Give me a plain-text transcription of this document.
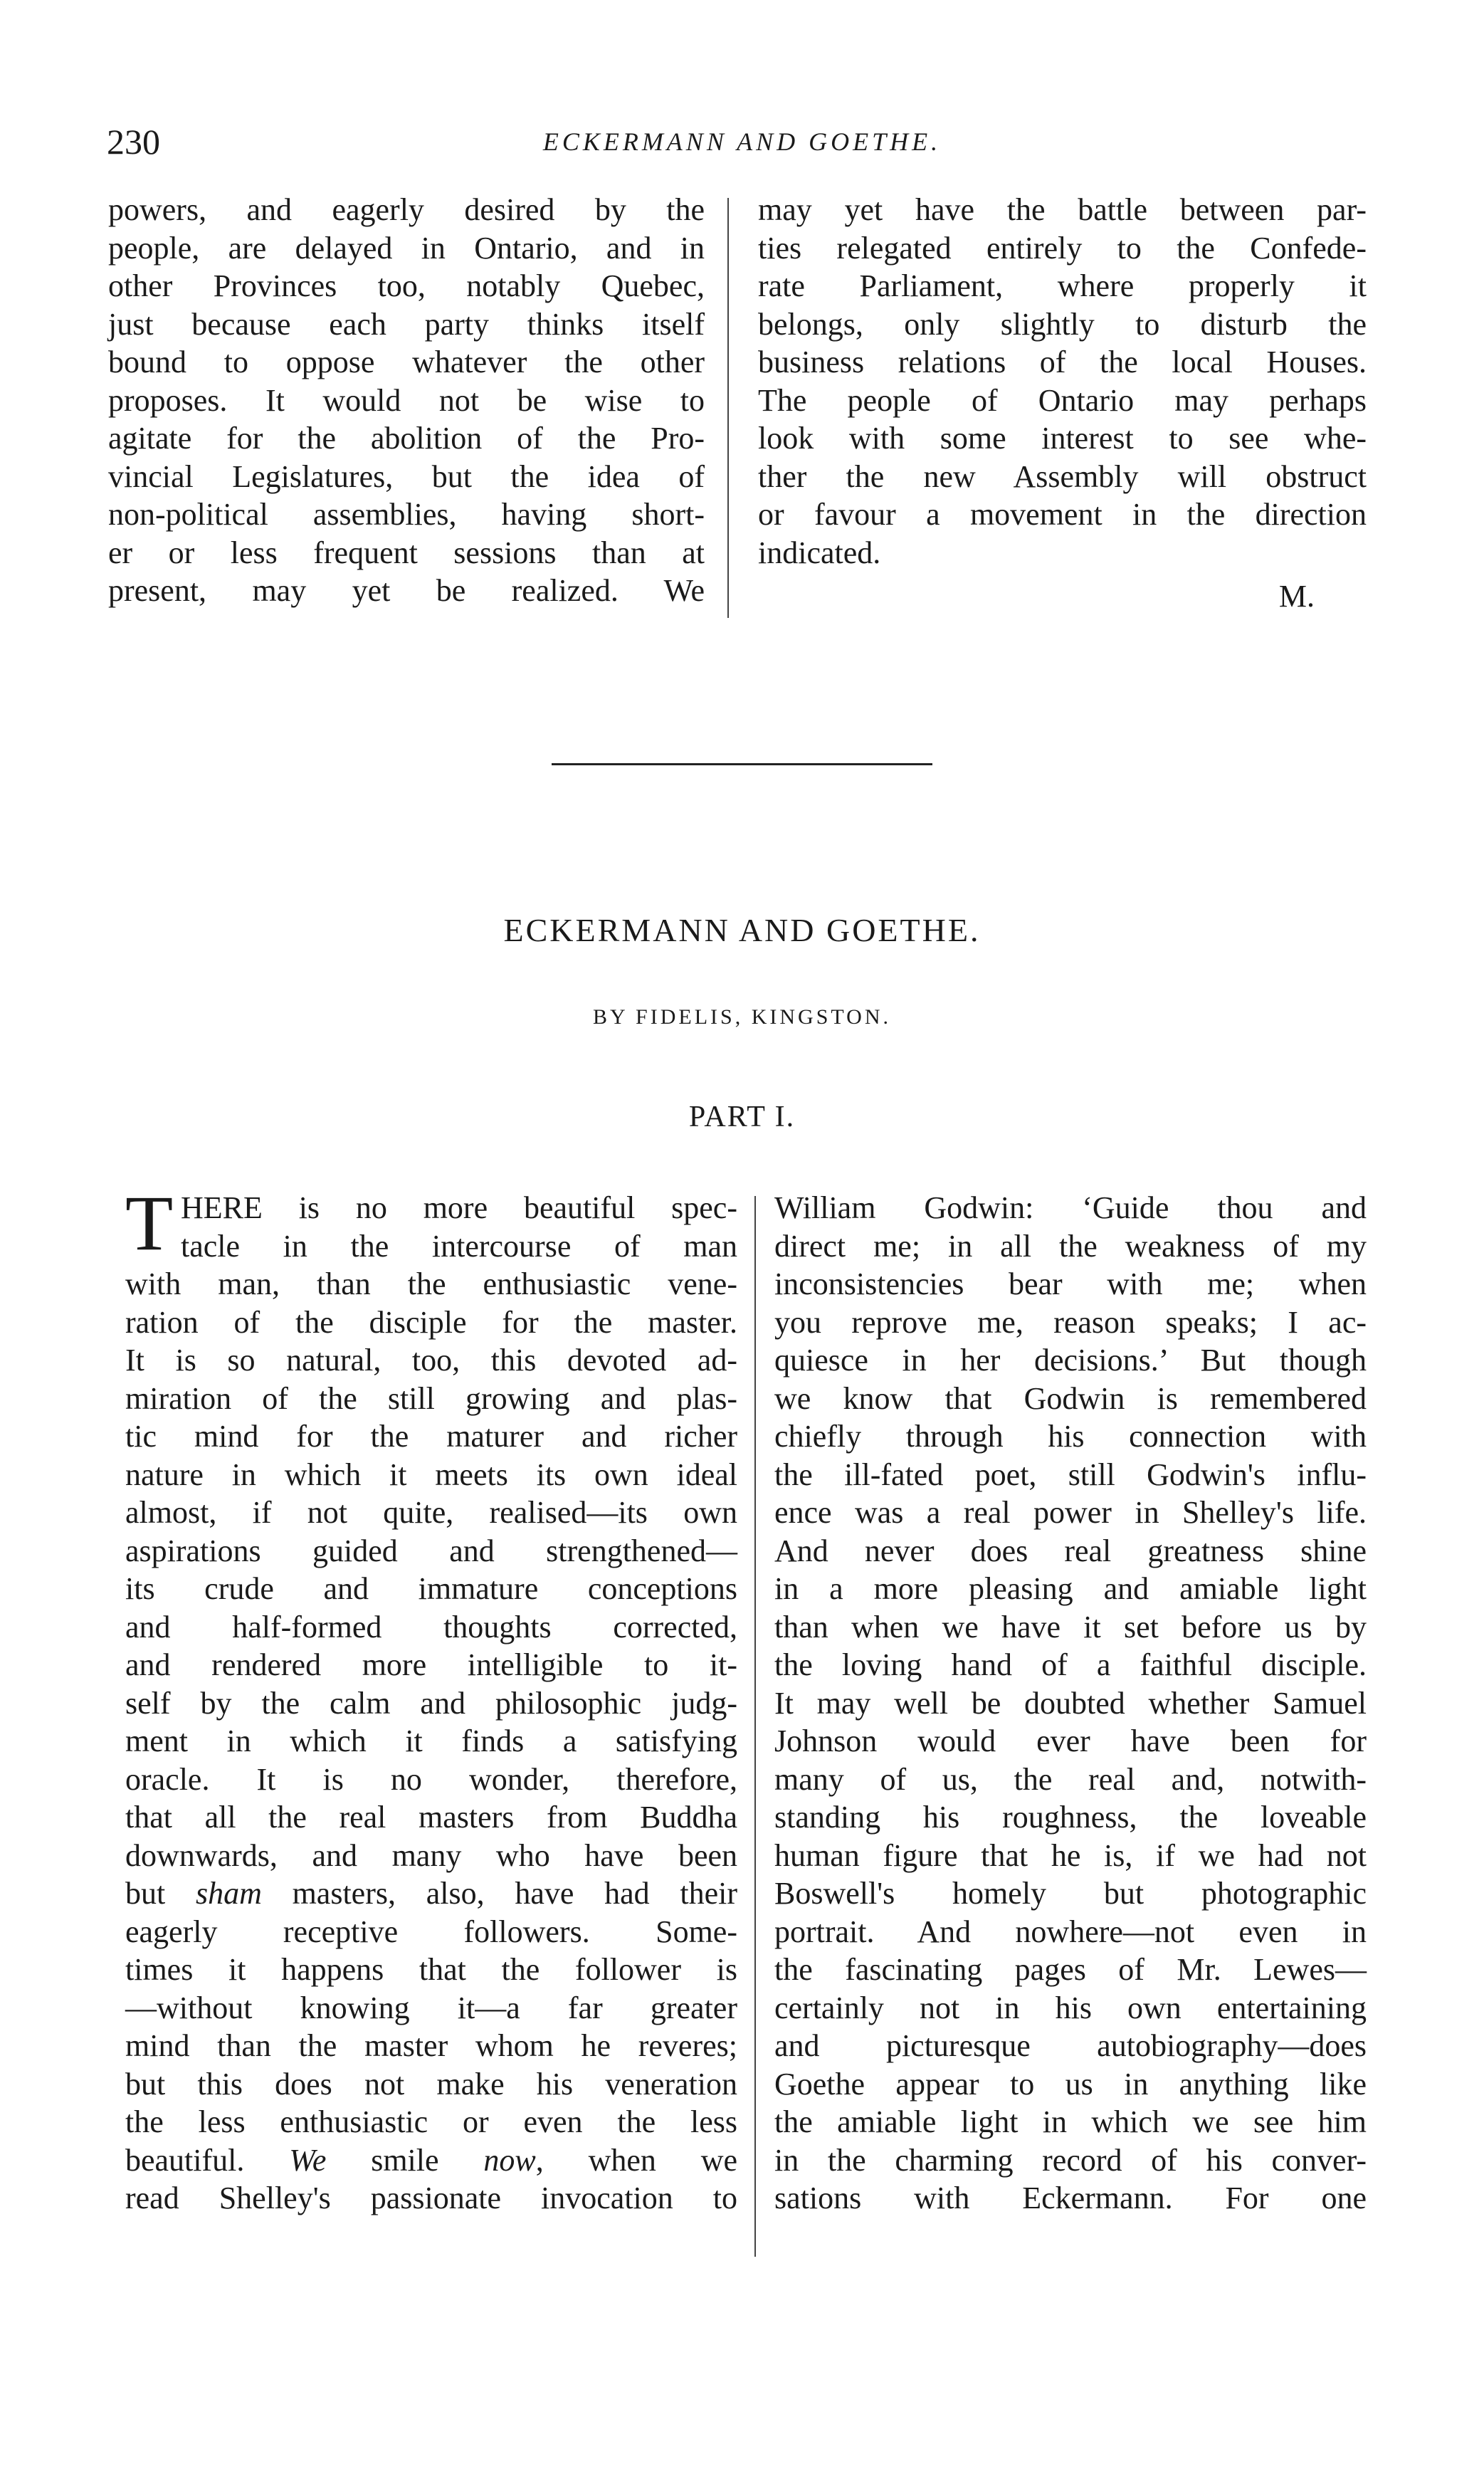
230	ECKERMANN AND GOETHE.
powers, and eagerly desired by the
people, are delayed in Ontario, and in
other Provinces too, notably Quebec,
just because each party thinks itself
bound to oppose whatever the other
proposes. It would not be wise to
agitate for the abolition of the Pro-
vincial Legislatures, but the idea of
non-political assemblies, having short-
er or less frequent sessions than at
present, may yet be realized. We
may yet have the battle between par-
ties relegated entirely to the Confede-
rate Parliament, where properly it
belongs, only slightly to disturb the
business relations of the local Houses.
The people of Ontario may perhaps
look with some interest to see whe-
ther the new Assembly will obstruct
or favour a movement in the direction
indicated.
M.
ECKERMANN AND GOETHE.
BY FIDELIS, KINGSTON.
PART I.
T HERE is no more beautiful spec-
tacle in the intercourse of man
with man, than the enthusiastic vene-
ration of the disciple for the master.
It is so natural, too, this devoted ad-
miration of the still growing and plas-
tic mind for the maturer and richer
nature in which it meets its own ideal
almost, if not quite, realised—its own
aspirations guided and strengthened—
its crude and immature conceptions
and half-formed thoughts corrected,
and rendered more intelligible to it-
self by the calm and philosophic judg-
ment in which it finds a satisfying
oracle. It is no wonder, therefore,
that all the real masters from Buddha
downwards, and many who have been
but sham masters, also, have had their
eagerly receptive followers. Some-
times it happens that the follower is
—without knowing it—a far greater
mind than the master whom he reveres;
but this does not make his veneration
the less enthusiastic or even the less
beautiful. We smile now, when we
read Shelley's passionate invocation to
William Godwin: ‘Guide thou and
direct me; in all the weakness of my
inconsistencies bear with me; when
you reprove me, reason speaks; I ac-
quiesce in her decisions.’ But though
we know that Godwin is remembered
chiefly through his connection with
the ill-fated poet, still Godwin's influ-
ence was a real power in Shelley's life.
And never does real greatness shine
in a more pleasing and amiable light
than when we have it set before us by
the loving hand of a faithful disciple.
It may well be doubted whether Samuel
Johnson would ever have been for
many of us, the real and, notwith-
standing his roughness, the loveable
human figure that he is, if we had not
Boswell's homely but photographic
portrait. And nowhere—not even in
the fascinating pages of Mr. Lewes—
certainly not in his own entertaining
and picturesque autobiography—does
Goethe appear to us in anything like
the amiable light in which we see him
in the charming record of his conver-
sations with Eckermann. For one
